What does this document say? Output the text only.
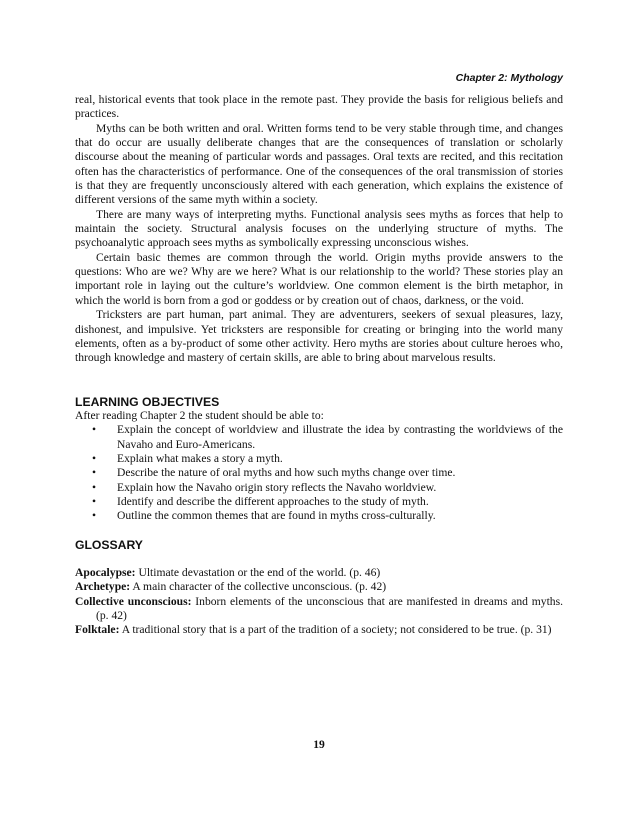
Chapter 2: Mythology

real, historical events that took place in the remote past. They provide the basis for religious beliefs and practices.

Myths can be both written and oral. Written forms tend to be very stable through time, and changes that do occur are usually deliberate changes that are the consequences of translation or scholarly discourse about the meaning of particular words and passages. Oral texts are recited, and this recitation often has the characteristics of performance. One of the consequences of the oral transmission of stories is that they are frequently unconsciously altered with each generation, which explains the existence of different versions of the same myth within a society.

There are many ways of interpreting myths. Functional analysis sees myths as forces that help to maintain the society. Structural analysis focuses on the underlying structure of myths. The psychoanalytic approach sees myths as symbolically expressing unconscious wishes.

Certain basic themes are common through the world. Origin myths provide answers to the questions: Who are we? Why are we here? What is our relationship to the world? These stories play an important role in laying out the culture’s worldview. One common element is the birth metaphor, in which the world is born from a god or goddess or by creation out of chaos, darkness, or the void.

Tricksters are part human, part animal. They are adventurers, seekers of sexual pleasures, lazy, dishonest, and impulsive. Yet tricksters are responsible for creating or bringing into the world many elements, often as a by-product of some other activity. Hero myths are stories about culture heroes who, through knowledge and mastery of certain skills, are able to bring about marvelous results.

LEARNING OBJECTIVES

After reading Chapter 2 the student should be able to:

• Explain the concept of worldview and illustrate the idea by contrasting the worldviews of the Navaho and Euro-Americans.
• Explain what makes a story a myth.
• Describe the nature of oral myths and how such myths change over time.
• Explain how the Navaho origin story reflects the Navaho worldview.
• Identify and describe the different approaches to the study of myth.
• Outline the common themes that are found in myths cross-culturally.
GLOSSARY

Apocalypse: Ultimate devastation or the end of the world. (p. 46)

Archetype: A main character of the collective unconscious. (p. 42)

Collective unconscious: Inborn elements of the unconscious that are manifested in dreams and myths. (p. 42)

Folktale: A traditional story that is a part of the tradition of a society; not considered to be true. (p. 31)

19
